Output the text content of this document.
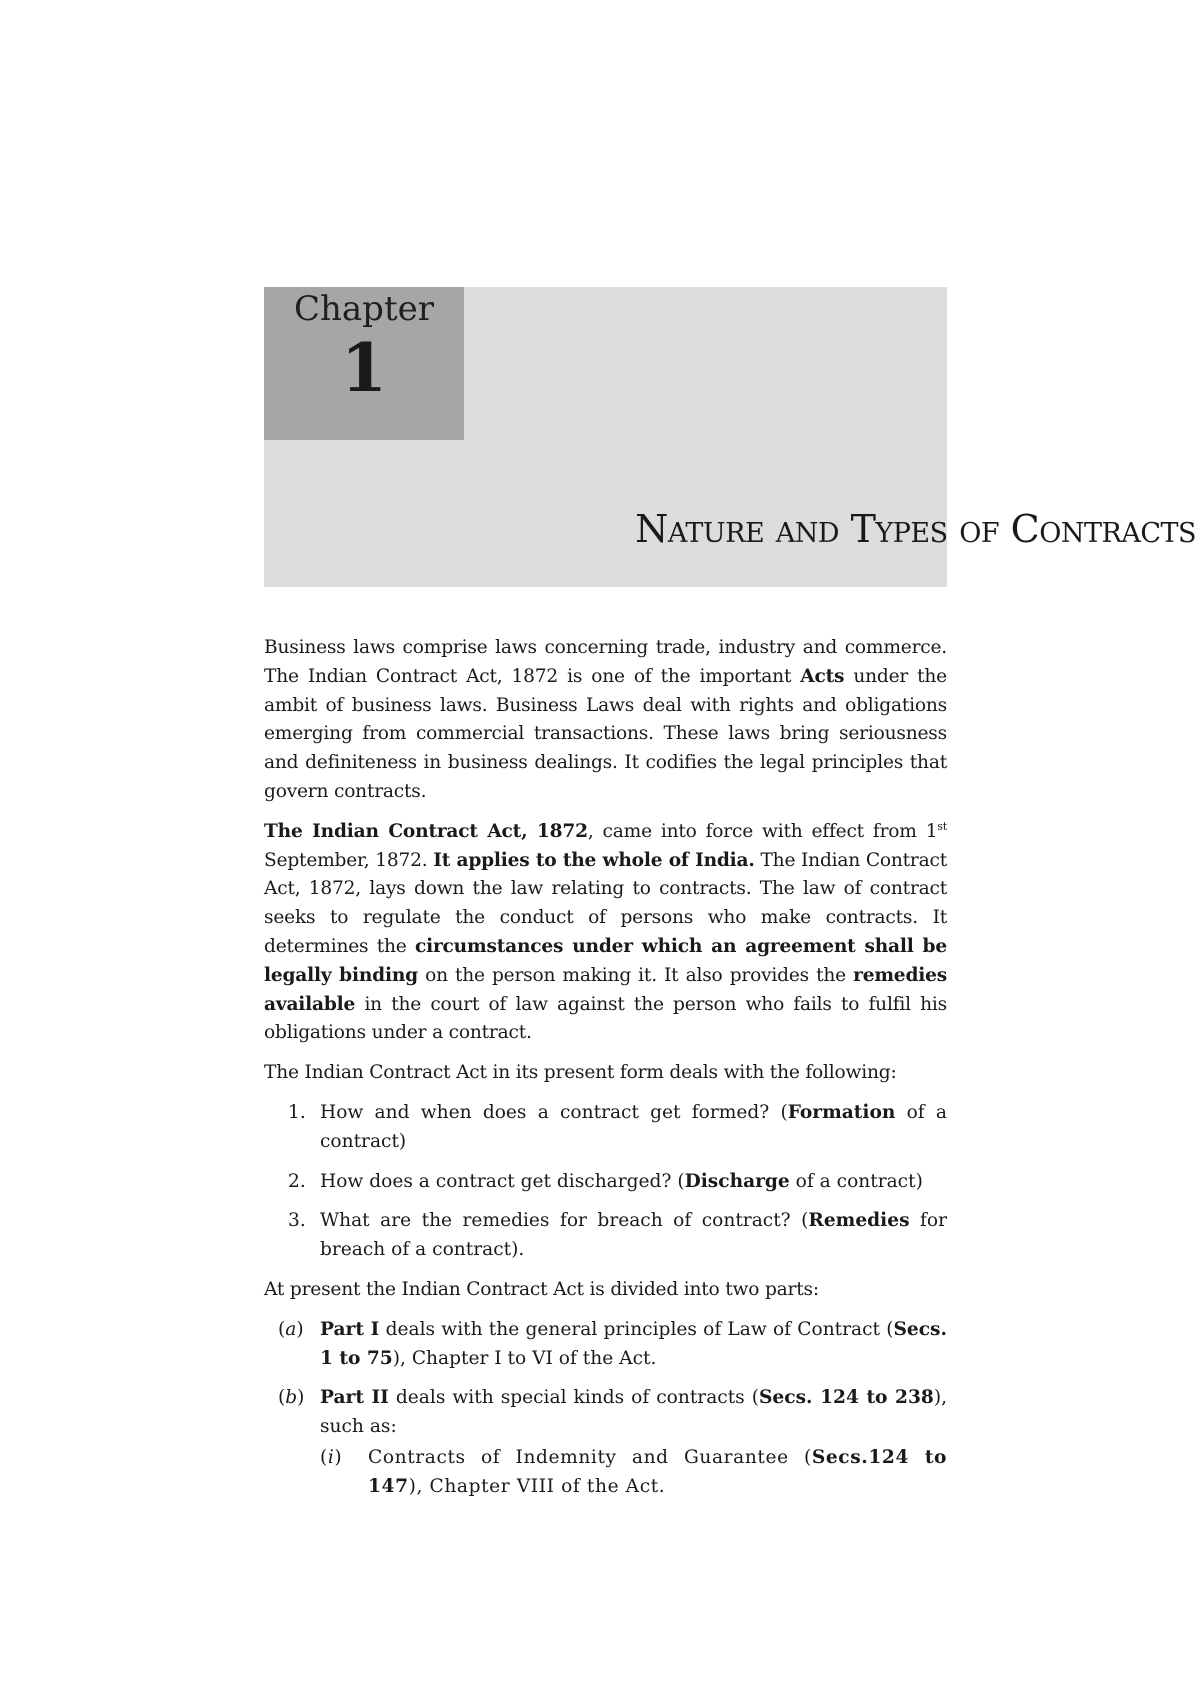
Chapter
1
Nature and Types of Contracts

Business laws comprise laws concerning trade, industry and commerce. The Indian Contract Act, 1872 is one of the important Acts under the ambit of business laws. Business Laws deal with rights and obligations emerging from commercial transactions. These laws bring seriousness and definiteness in business dealings. It codifies the legal principles that govern contracts.

The Indian Contract Act, 1872, came into force with effect from 1st September, 1872. It applies to the whole of India. The Indian Contract Act, 1872, lays down the law relating to contracts. The law of contract seeks to regulate the conduct of persons who make contracts. It determines the circumstances under which an agreement shall be legally binding on the person making it. It also provides the remedies available in the court of law against the person who fails to fulfil his obligations under a contract.

The Indian Contract Act in its present form deals with the following:

1. How and when does a contract get formed? (Formation of a contract)
2. How does a contract get discharged? (Discharge of a contract)
3. What are the remedies for breach of contract? (Remedies for breach of a contract).

At present the Indian Contract Act is divided into two parts:

(a) Part I deals with the general principles of Law of Contract (Secs. 1 to 75), Chapter I to VI of the Act.
(b) Part II deals with special kinds of contracts (Secs. 124 to 238), such as:
(i) Contracts of Indemnity and Guarantee (Secs.124 to 147), Chapter VIII of the Act.
